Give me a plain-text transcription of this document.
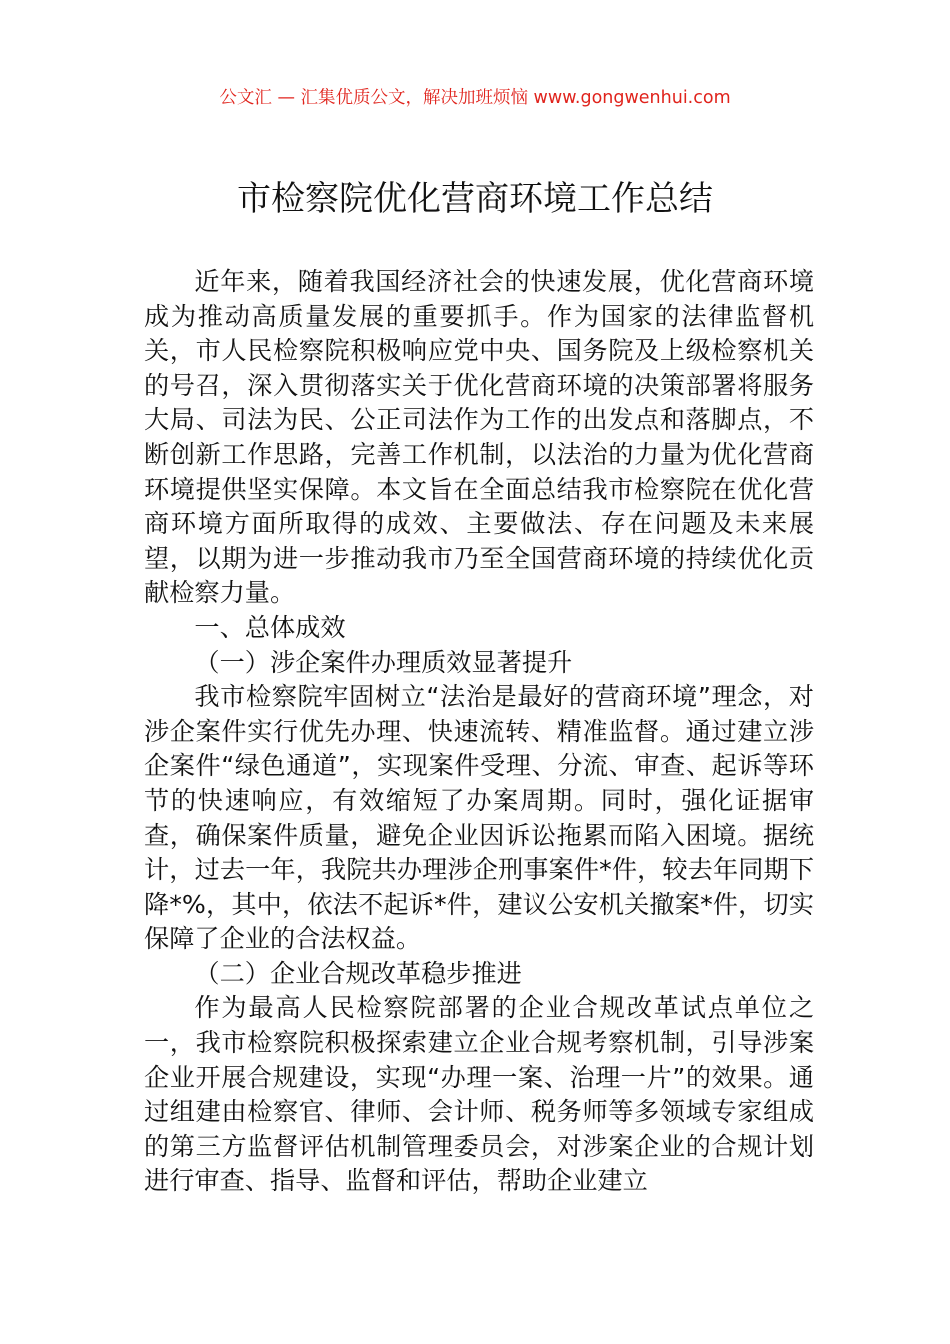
公文汇 — 汇集优质公文，解决加班烦恼 www.gongwenhui.com
市检察院优化营商环境工作总结

近年来，随着我国经济社会的快速发展，优化营商环境成为推动高质量发展的重要抓手。作为国家的法律监督机关，市人民检察院积极响应党中央、国务院及上级检察机关的号召，深入贯彻落实关于优化营商环境的决策部署将服务大局、司法为民、公正司法作为工作的出发点和落脚点，不断创新工作思路，完善工作机制，以法治的力量为优化营商环境提供坚实保障。本文旨在全面总结我市检察院在优化营商环境方面所取得的成效、主要做法、存在问题及未来展望，以期为进一步推动我市乃至全国营商环境的持续优化贡献检察力量。

一、总体成效

（一）涉企案件办理质效显著提升

我市检察院牢固树立“法治是最好的营商环境”理念，对涉企案件实行优先办理、快速流转、精准监督。通过建立涉企案件“绿色通道”，实现案件受理、分流、审查、起诉等环节的快速响应，有效缩短了办案周期。同时，强化证据审查，确保案件质量，避免企业因诉讼拖累而陷入困境。据统计，过去一年，我院共办理涉企刑事案件*件，较去年同期下降*%，其中，依法不起诉*件，建议公安机关撤案*件，切实保障了企业的合法权益。

（二）企业合规改革稳步推进

作为最高人民检察院部署的企业合规改革试点单位之一，我市检察院积极探索建立企业合规考察机制，引导涉案企业开展合规建设，实现“办理一案、治理一片”的效果。通过组建由检察官、律师、会计师、税务师等多领域专家组成的第三方监督评估机制管理委员会，对涉案企业的合规计划进行审查、指导、监督和评估，帮助企业建立
